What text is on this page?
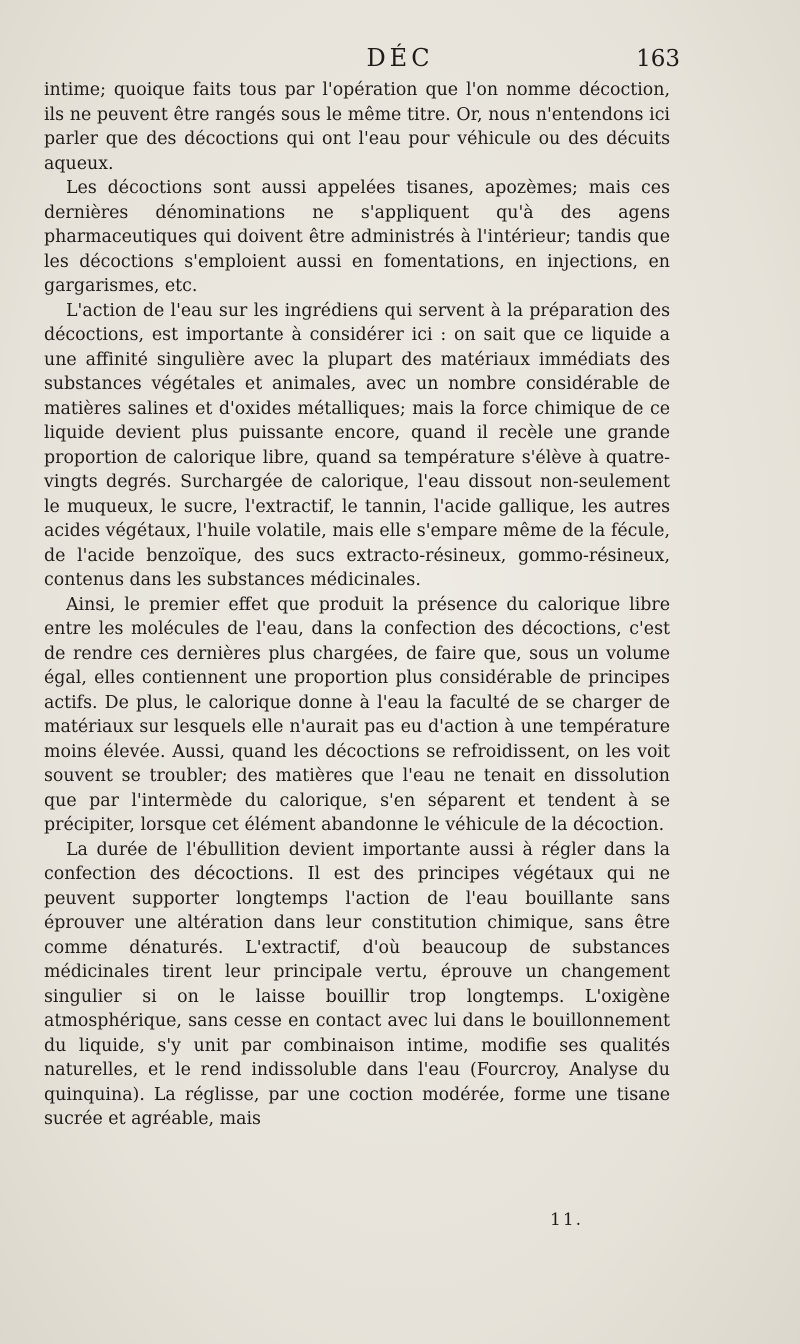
DÉC	163

intime; quoique faits tous par l'opération que l'on nomme décoction, ils ne peuvent être rangés sous le même titre. Or, nous n'entendons ici parler que des décoctions qui ont l'eau pour véhicule ou des décuits aqueux.

Les décoctions sont aussi appelées tisanes, apozèmes; mais ces dernières dénominations ne s'appliquent qu'à des agens pharmaceutiques qui doivent être administrés à l'intérieur; tandis que les décoctions s'emploient aussi en fomentations, en injections, en gargarismes, etc.

L'action de l'eau sur les ingrédiens qui servent à la préparation des décoctions, est importante à considérer ici : on sait que ce liquide a une affinité singulière avec la plupart des matériaux immédiats des substances végétales et animales, avec un nombre considérable de matières salines et d'oxides métalliques; mais la force chimique de ce liquide devient plus puissante encore, quand il recèle une grande proportion de calorique libre, quand sa température s'élève à quatre-vingts degrés. Surchargée de calorique, l'eau dissout non-seulement le muqueux, le sucre, l'extractif, le tannin, l'acide gallique, les autres acides végétaux, l'huile volatile, mais elle s'empare même de la fécule, de l'acide benzoïque, des sucs extracto-résineux, gommo-résineux, contenus dans les substances médicinales.

Ainsi, le premier effet que produit la présence du calorique libre entre les molécules de l'eau, dans la confection des décoctions, c'est de rendre ces dernières plus chargées, de faire que, sous un volume égal, elles contiennent une proportion plus considérable de principes actifs. De plus, le calorique donne à l'eau la faculté de se charger de matériaux sur lesquels elle n'aurait pas eu d'action à une température moins élevée. Aussi, quand les décoctions se refroidissent, on les voit souvent se troubler; des matières que l'eau ne tenait en dissolution que par l'intermède du calorique, s'en séparent et tendent à se précipiter, lorsque cet élément abandonne le véhicule de la décoction.

La durée de l'ébullition devient importante aussi à régler dans la confection des décoctions. Il est des principes végétaux qui ne peuvent supporter longtemps l'action de l'eau bouillante sans éprouver une altération dans leur constitution chimique, sans être comme dénaturés. L'extractif, d'où beaucoup de substances médicinales tirent leur principale vertu, éprouve un changement singulier si on le laisse bouillir trop longtemps. L'oxigène atmosphérique, sans cesse en contact avec lui dans le bouillonnement du liquide, s'y unit par combinaison intime, modifie ses qualités naturelles, et le rend indissoluble dans l'eau (Fourcroy, Analyse du quinquina). La réglisse, par une coction modérée, forme une tisane sucrée et agréable, mais

11.
